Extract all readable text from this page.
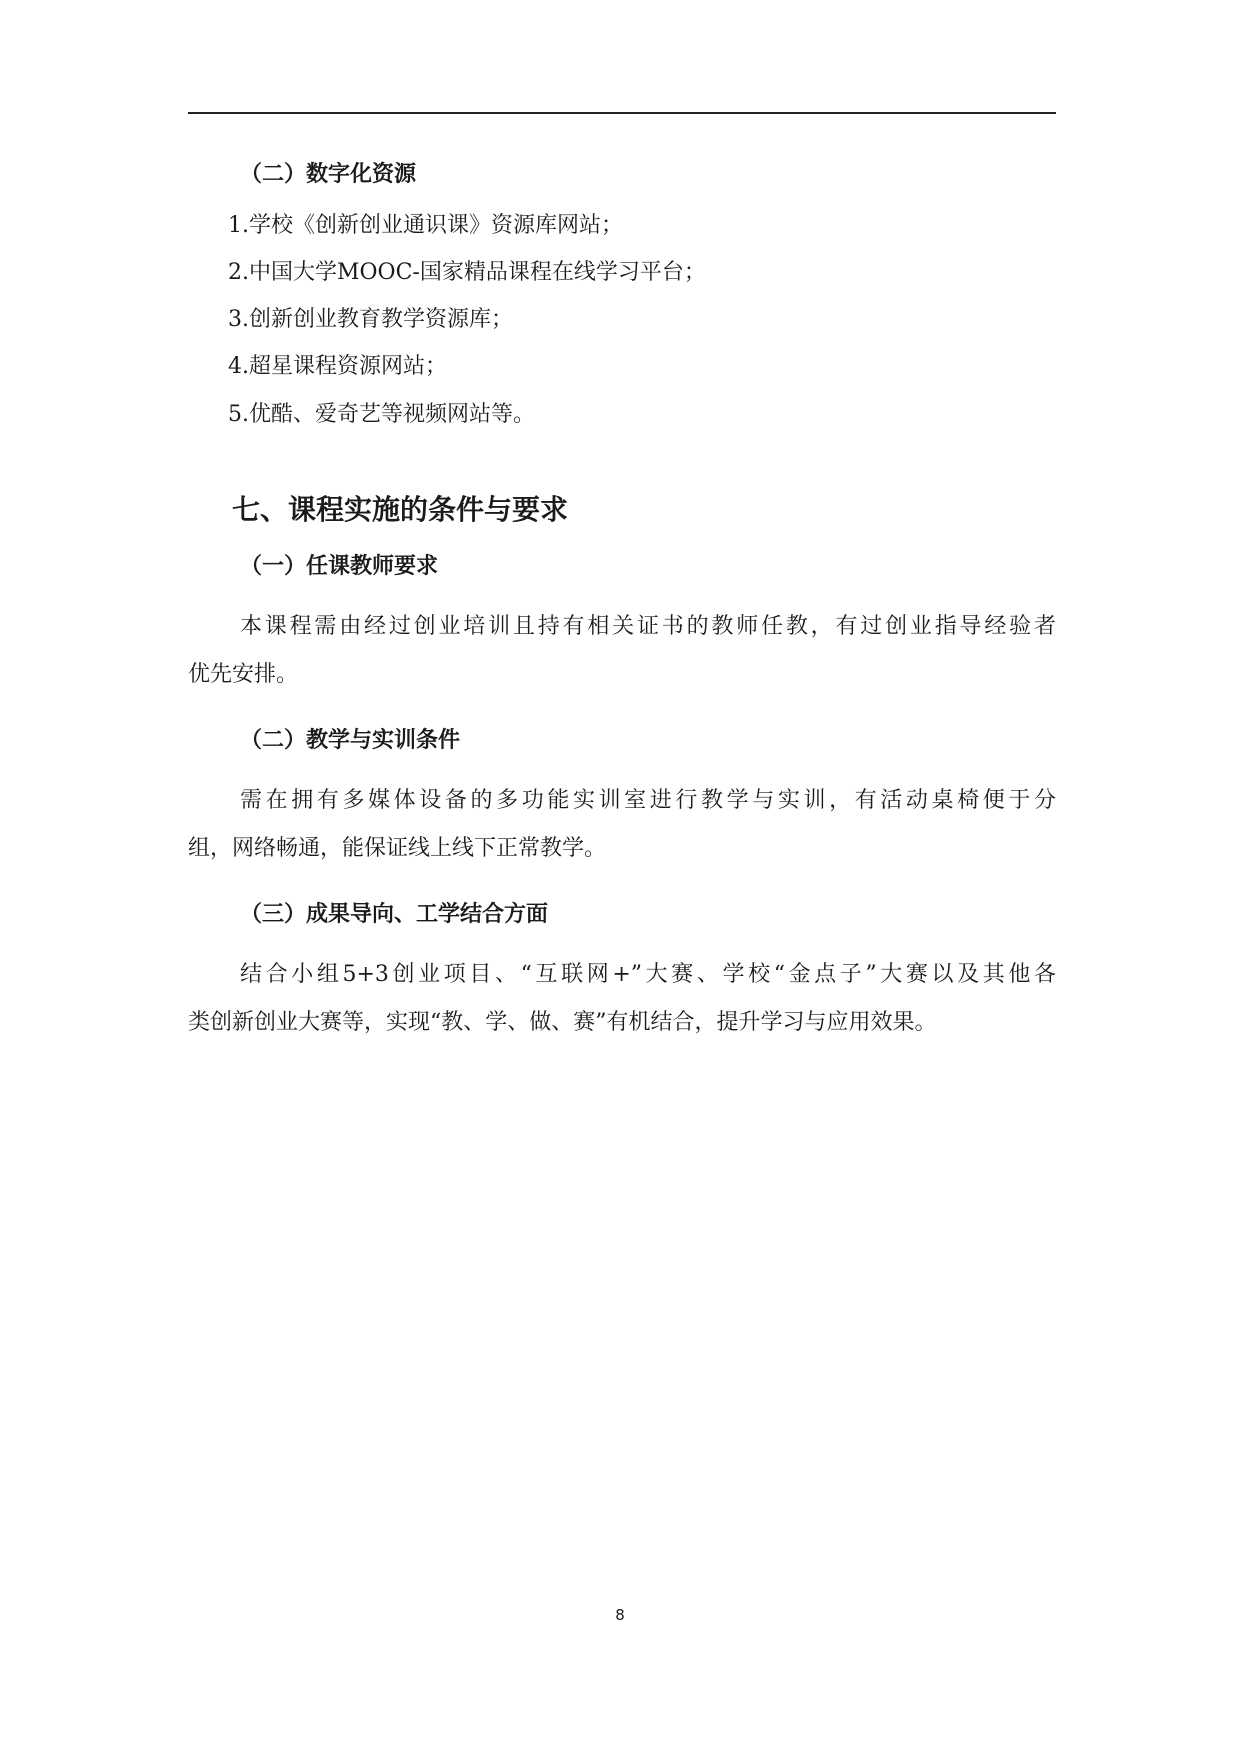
（二）数字化资源

1.学校《创新创业通识课》资源库网站；

2.中国大学MOOC-国家精品课程在线学习平台；

3.创新创业教育教学资源库；

4.超星课程资源网站；

5.优酷、爱奇艺等视频网站等。

七、课程实施的条件与要求
（一）任课教师要求
本课程需由经过创业培训且持有相关证书的教师任教，有过创业指导经验者
优先安排。
（二）教学与实训条件
需在拥有多媒体设备的多功能实训室进行教学与实训，有活动桌椅便于分
组，网络畅通，能保证线上线下正常教学。
（三）成果导向、工学结合方面
结合小组5+3创业项目、“互联网+”大赛、学校“金点子”大赛以及其他各
类创新创业大赛等，实现“教、学、做、赛”有机结合，提升学习与应用效果。
8
